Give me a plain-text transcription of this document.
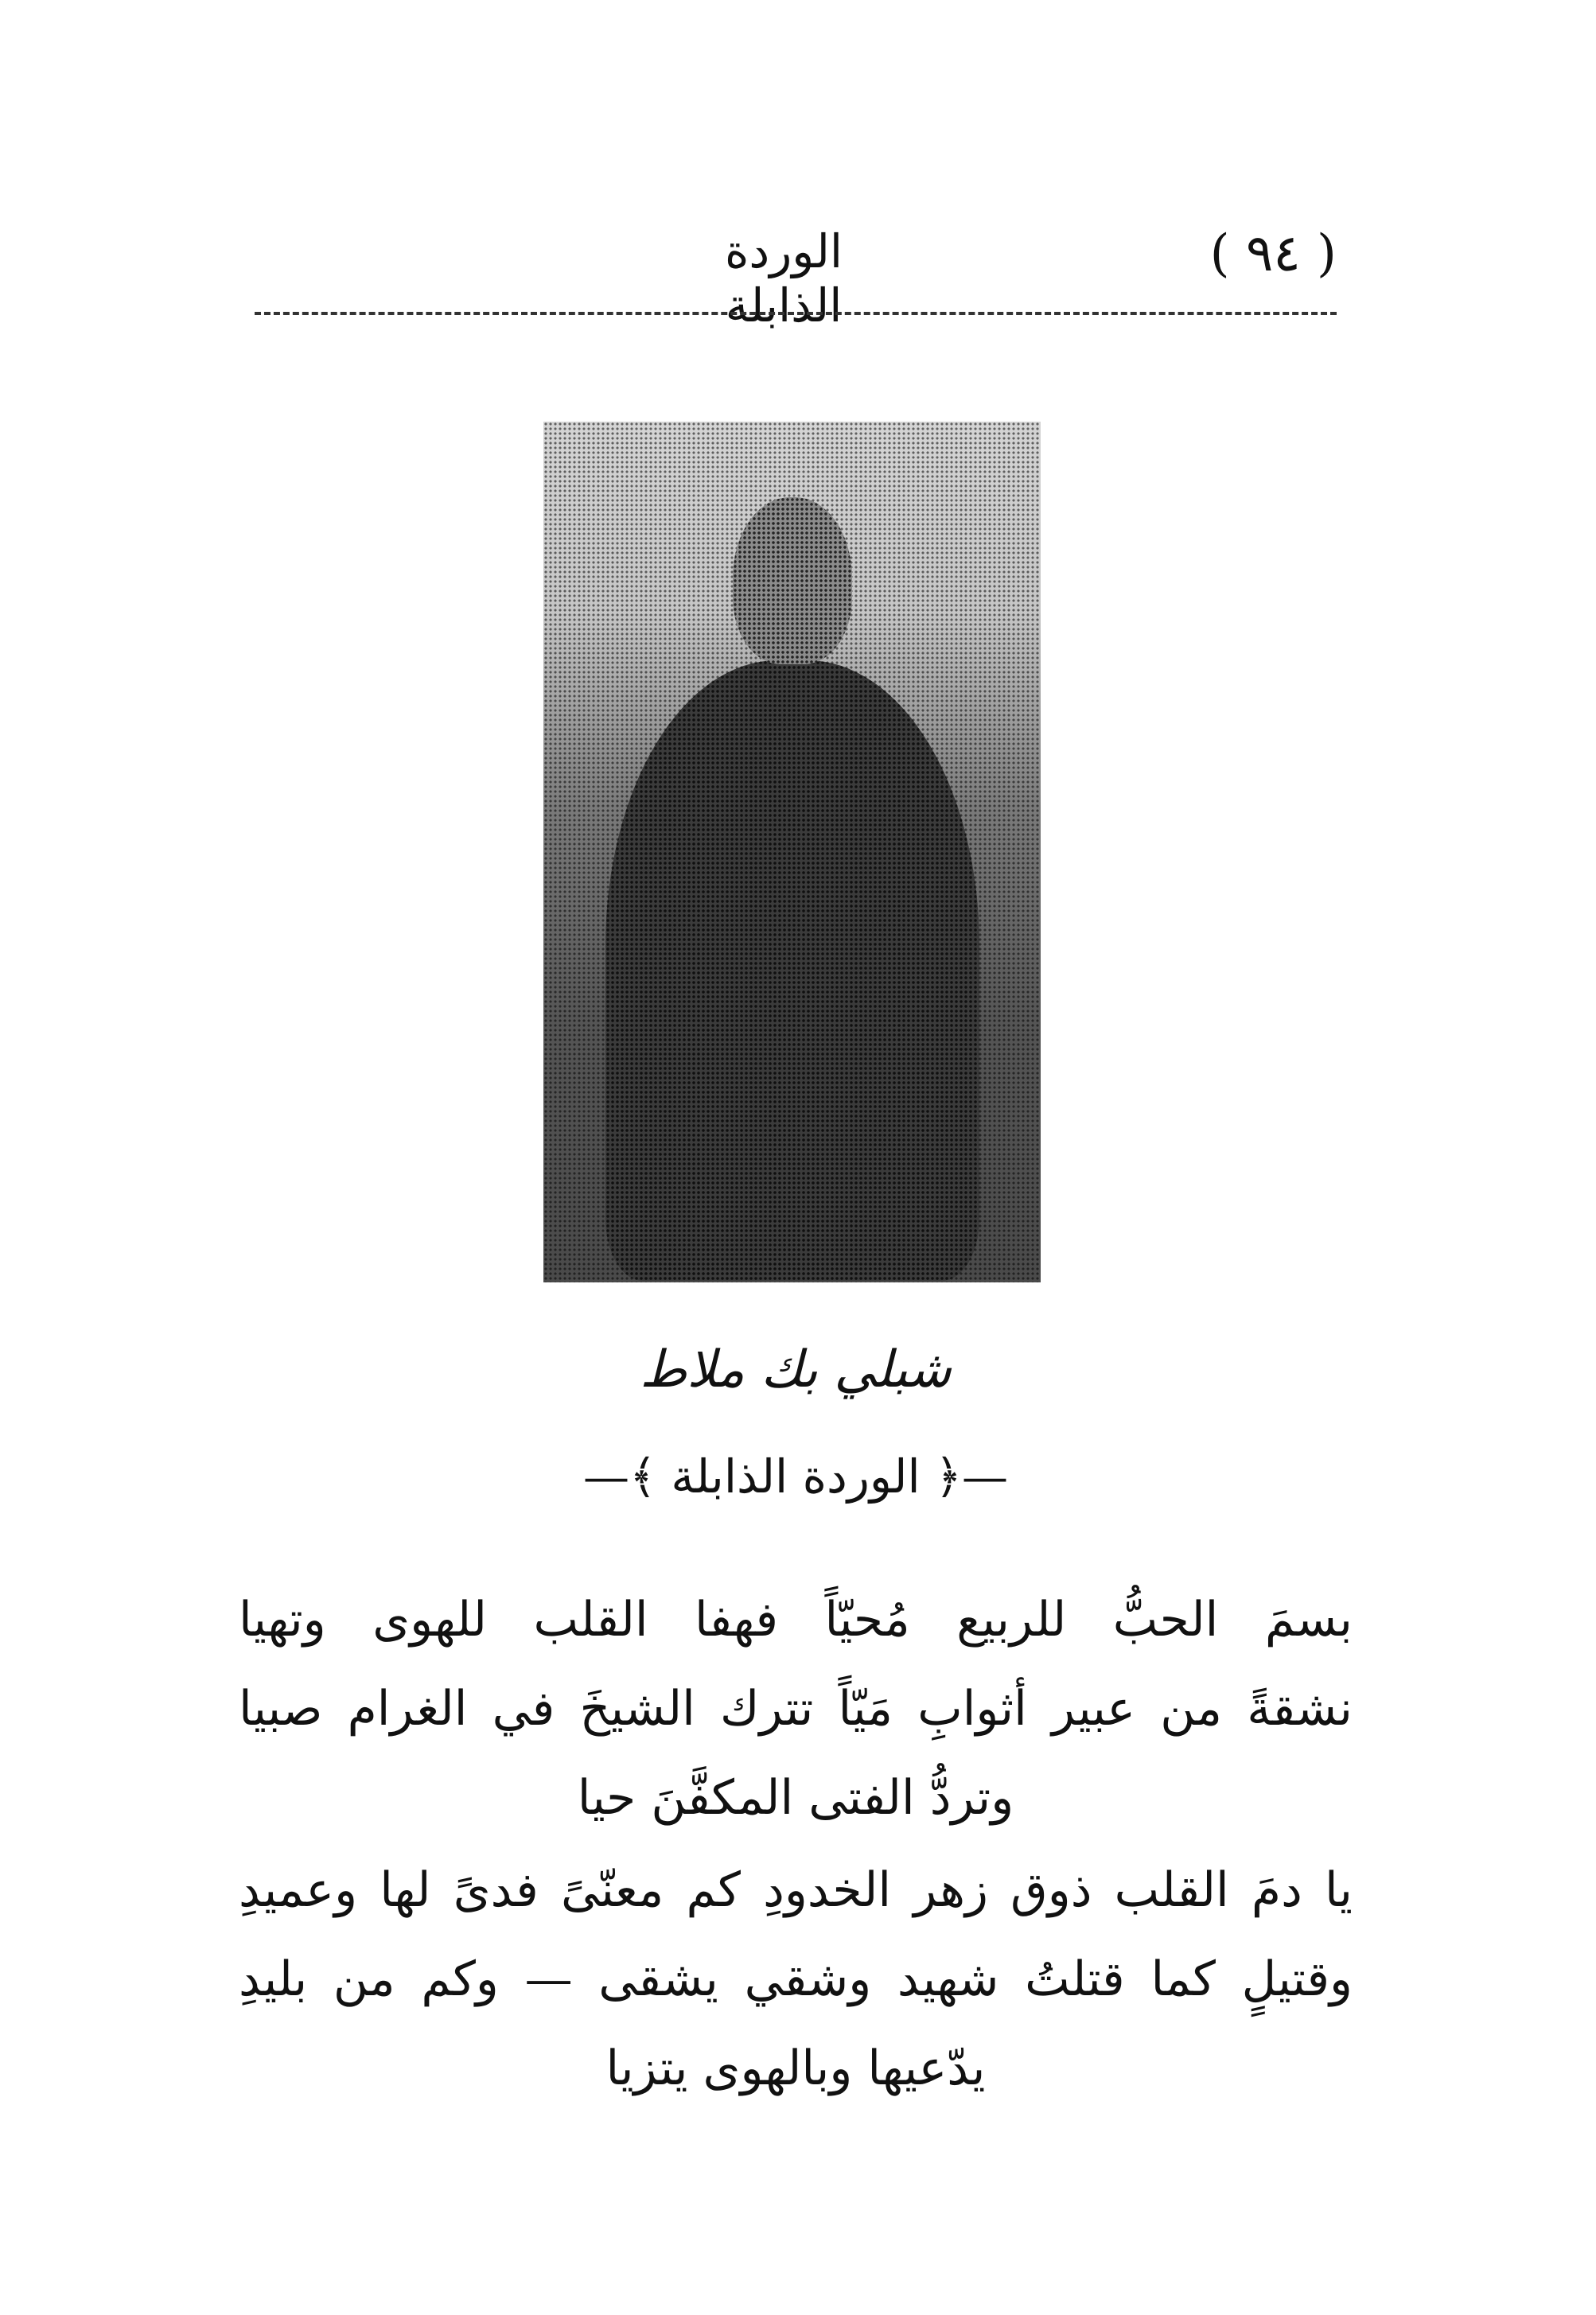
الوردة الذابلة
( ٩٤ )
شبلي بك ملاط
—﴿ الوردة الذابلة ﴾—
بسمَ الحبُّ للربيع مُحيّاً فهفا القلب للهوى وتهيا
نشقةً من عبير أثوابِ مَيّاً تترك الشيخَ في الغرام صبيا
وتردُّ الفتى المكفَّنَ حيا
يا دمَ القلب ذوق زهر الخدودِ كم معنّىً فدىً لها وعميدِ
وقتيلٍ كما قتلتُ شهيد وشقي يشقى — وكم من بليدِ
يدّعيها وبالهوى يتزيا
